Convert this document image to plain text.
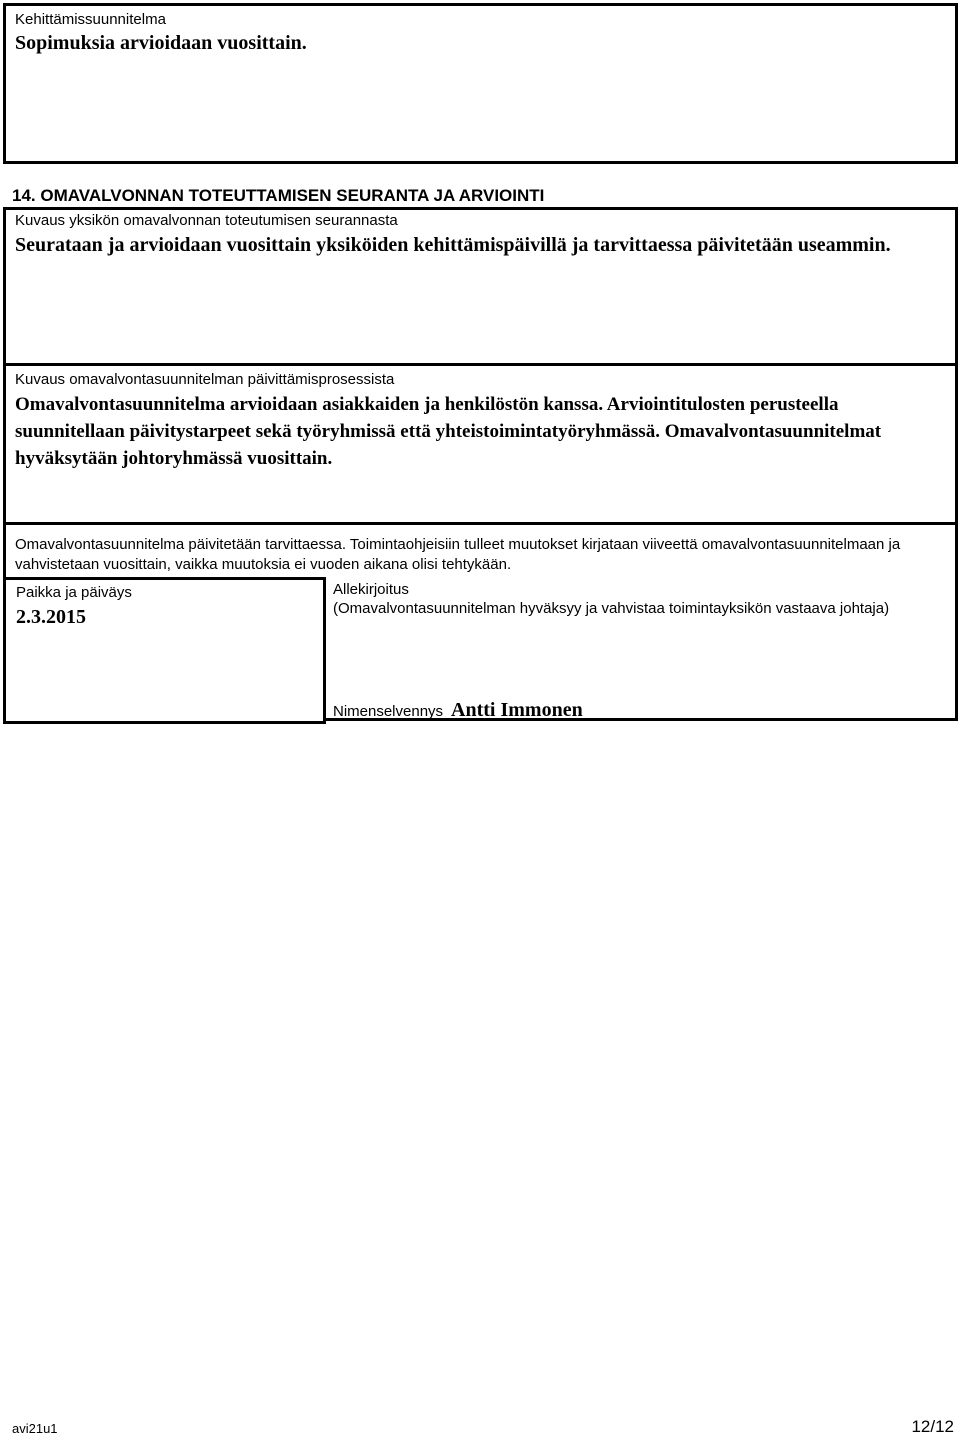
Kehittämissuunnitelma
Sopimuksia arvioidaan vuosittain.
14. OMAVALVONNAN TOTEUTTAMISEN SEURANTA JA ARVIOINTI
Kuvaus yksikön omavalvonnan toteutumisen seurannasta
Seurataan ja arvioidaan vuosittain yksiköiden kehittämispäivillä ja tarvittaessa päivitetään useammin.
Kuvaus omavalvontasuunnitelman päivittämisprosessista
Omavalvontasuunnitelma arvioidaan asiakkaiden ja henkilöstön kanssa. Arviointitulosten perusteella suunnitellaan päivitystarpeet sekä työryhmissä että yhteistoimintatyöryhmässä. Omavalvontasuunnitelmat hyväksytään johtoryhmässä vuosittain.
Omavalvontasuunnitelma päivitetään tarvittaessa. Toimintaohjeisiin tulleet muutokset kirjataan viiveettä omavalvontasuunnitelmaan ja vahvistetaan vuosittain, vaikka muutoksia ei vuoden aikana olisi tehtykään.
Paikka ja päiväys
2.3.2015
Allekirjoitus
(Omavalvontasuunnitelman hyväksyy ja vahvistaa toimintayksikön vastaava johtaja)
Nimenselvennys Antti Immonen
avi21u1	12/12
